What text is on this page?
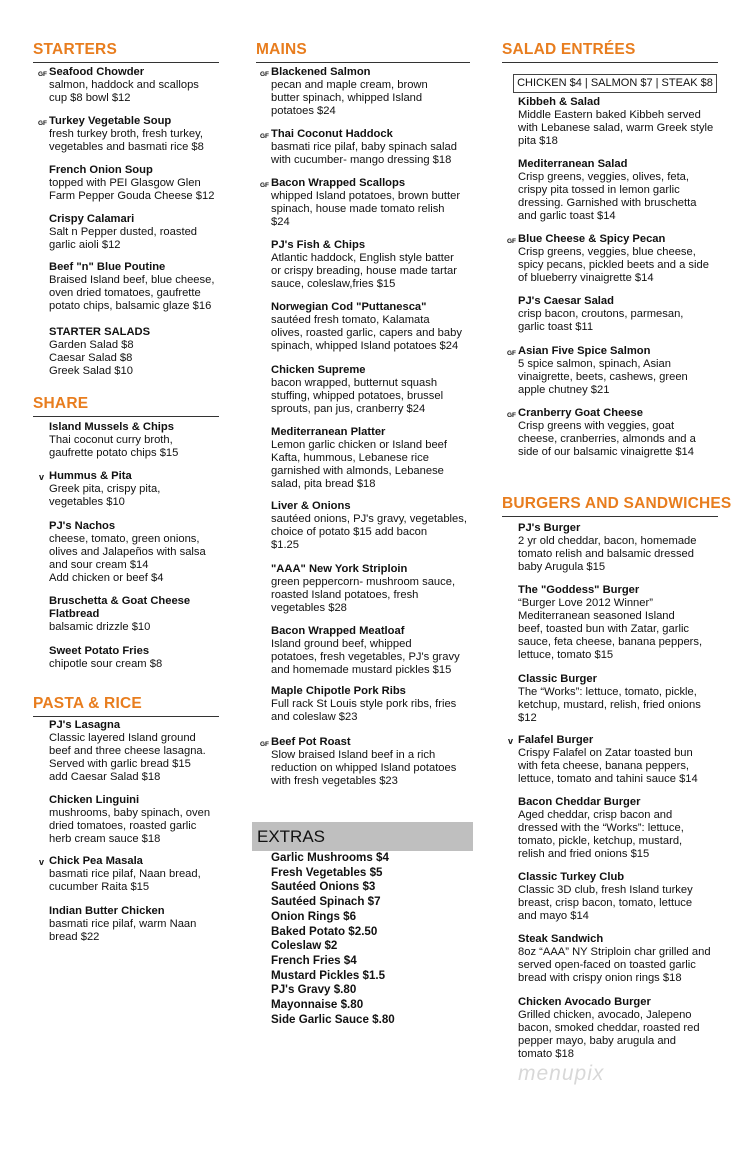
STARTERS
GF Seafood Chowder
salmon, haddock and scallops
cup $8 bowl $12
GF Turkey Vegetable Soup
fresh turkey broth, fresh turkey,
vegetables and basmati rice $8
French Onion Soup
topped with PEI Glasgow Glen
Farm Pepper Gouda Cheese $12
Crispy Calamari
Salt n Pepper dusted, roasted
garlic aioli $12
Beef "n" Blue Poutine
Braised Island beef, blue cheese,
oven dried tomatoes, gaufrette
potato chips, balsamic glaze $16
STARTER SALADS
Garden Salad $8
Caesar Salad $8
Greek Salad $10
SHARE
Island Mussels & Chips
Thai coconut curry broth,
gaufrette potato chips $15
v Hummus & Pita
Greek pita, crispy pita,
vegetables $10
PJ's Nachos
cheese, tomato, green onions,
olives and Jalapeños with salsa
and sour cream $14
Add chicken or beef $4
Bruschetta & Goat Cheese
Flatbread
balsamic drizzle $10
Sweet Potato Fries
chipotle sour cream $8
PASTA & RICE
PJ's Lasagna
Classic layered Island ground
beef and three cheese lasagna.
Served with garlic bread $15
add Caesar Salad $18
Chicken Linguini
mushrooms, baby spinach, oven
dried tomatoes, roasted garlic
herb cream sauce $18
v Chick Pea Masala
basmati rice pilaf, Naan bread,
cucumber Raita $15
Indian Butter Chicken
basmati rice pilaf, warm Naan
bread $22
MAINS
GF Blackened Salmon
pecan and maple cream, brown
butter spinach, whipped Island
potatoes $24
GF Thai Coconut Haddock
basmati rice pilaf, baby spinach salad
with cucumber- mango dressing $18
GF Bacon Wrapped Scallops
whipped Island potatoes, brown butter
spinach, house made tomato relish
$24
PJ's Fish & Chips
Atlantic haddock, English style batter
or crispy breading, house made tartar
sauce, coleslaw,fries $15
Norwegian Cod "Puttanesca"
sautéed fresh tomato, Kalamata
olives, roasted garlic, capers and baby
spinach, whipped Island potatoes $24
Chicken Supreme
bacon wrapped, butternut squash
stuffing, whipped potatoes, brussel
sprouts, pan jus, cranberry $24
Mediterranean Platter
Lemon garlic chicken or Island beef
Kafta, hummous, Lebanese rice
garnished with almonds, Lebanese
salad, pita bread $18
Liver & Onions
sautéed onions, PJ's gravy, vegetables,
choice of potato $15 add bacon
$1.25
"AAA" New York Striploin
green peppercorn- mushroom sauce,
roasted Island potatoes, fresh
vegetables $28
Bacon Wrapped Meatloaf
Island ground beef, whipped
potatoes, fresh vegetables, PJ's gravy
and homemade mustard pickles $15
Maple Chipotle Pork Ribs
Full rack St Louis style pork ribs, fries
and coleslaw $23
GF Beef Pot Roast
Slow braised Island beef in a rich
reduction on whipped Island potatoes
with fresh vegetables $23
EXTRAS
Garlic Mushrooms $4
Fresh Vegetables $5
Sautéed Onions $3
Sautéed Spinach $7
Onion Rings $6
Baked Potato $2.50
Coleslaw $2
French Fries $4
Mustard Pickles $1.5
PJ's Gravy $.80
Mayonnaise $.80
Side Garlic Sauce $.80
SALAD ENTRÉES
CHICKEN $4 | SALMON $7 | STEAK $8
Kibbeh & Salad
Middle Eastern baked Kibbeh served
with Lebanese salad, warm Greek style
pita $18
Mediterranean Salad
Crisp greens, veggies, olives, feta,
crispy pita tossed in lemon garlic
dressing. Garnished with bruschetta
and garlic toast $14
GF Blue Cheese & Spicy Pecan
Crisp greens, veggies, blue cheese,
spicy pecans, pickled beets and a side
of blueberry vinaigrette $14
PJ's Caesar Salad
crisp bacon, croutons, parmesan,
garlic toast $11
GF Asian Five Spice Salmon
5 spice salmon, spinach, Asian
vinaigrette, beets, cashews, green
apple chutney $21
GF Cranberry Goat Cheese
Crisp greens with veggies, goat
cheese, cranberries, almonds and a
side of our balsamic vinaigrette $14
BURGERS AND SANDWICHES
PJ's Burger
2 yr old cheddar, bacon, homemade
tomato relish and balsamic dressed
baby Arugula $15
The "Goddess" Burger
“Burger Love 2012 Winner”
Mediterranean seasoned Island
beef, toasted bun with Zatar, garlic
sauce, feta cheese, banana peppers,
lettuce, tomato $15
Classic Burger
The “Works”: lettuce, tomato, pickle,
ketchup, mustard, relish, fried onions
$12
v Falafel Burger
Crispy Falafel on Zatar toasted bun
with feta cheese, banana peppers,
lettuce, tomato and tahini sauce $14
Bacon Cheddar Burger
Aged cheddar, crisp bacon and
dressed with the “Works”: lettuce,
tomato, pickle, ketchup, mustard,
relish and fried onions $15
Classic Turkey Club
Classic 3D club, fresh Island turkey
breast, crisp bacon, tomato, lettuce
and mayo $14
Steak Sandwich
8oz “AAA” NY Striploin char grilled and
served open-faced on toasted garlic
bread with crispy onion rings $18
Chicken Avocado Burger
Grilled chicken, avocado, Jalepeno
bacon, smoked cheddar, roasted red
pepper mayo, baby arugula and
tomato $18
menupix
